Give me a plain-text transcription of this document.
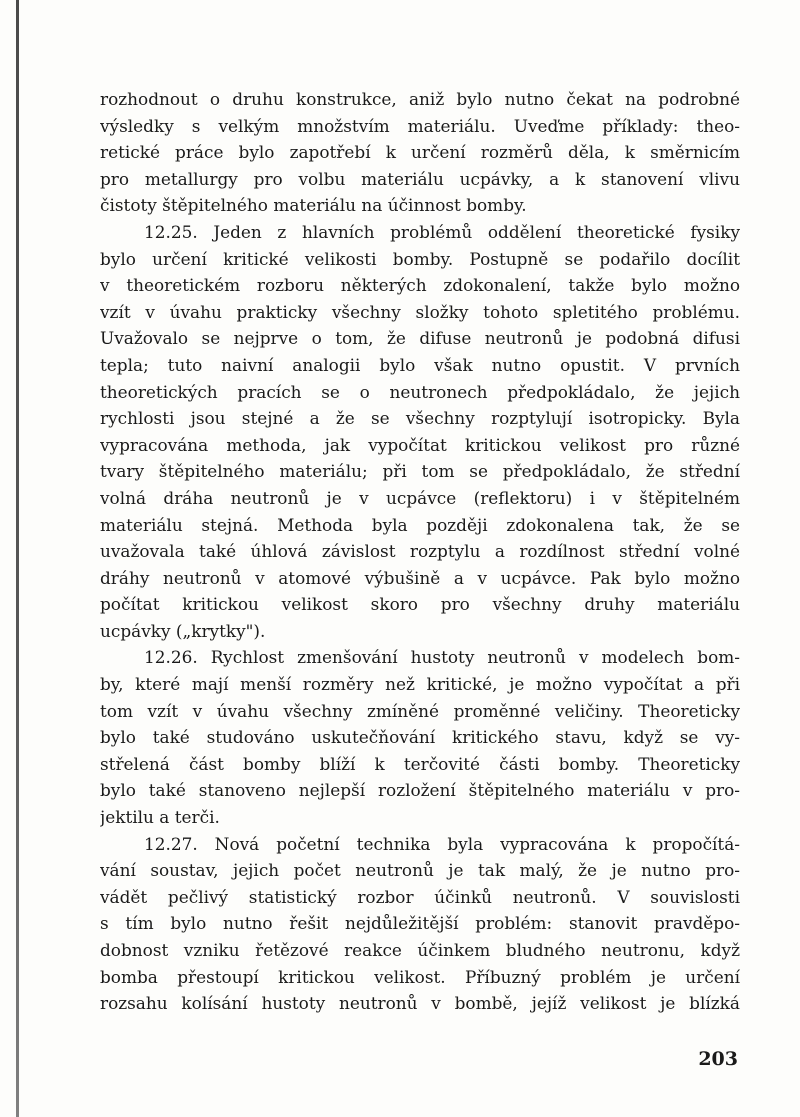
rozhodnout o druhu konstrukce, aniž bylo nutno čekat na podrobné
výsledky s velkým množstvím materiálu. Uveďme příklady: theo-
retické práce bylo zapotřebí k určení rozměrů děla, k směrnicím
pro metallurgy pro volbu materiálu ucpávky, a k stanovení vlivu
čistoty štěpitelného materiálu na účinnost bomby.
12.25. Jeden z hlavních problémů oddělení theoretické fysiky
bylo určení kritické velikosti bomby. Postupně se podařilo docílit
v theoretickém rozboru některých zdokonalení, takže bylo možno
vzít v úvahu prakticky všechny složky tohoto spletitého problému.
Uvažovalo se nejprve o tom, že difuse neutronů je podobná difusi
tepla; tuto naivní analogii bylo však nutno opustit. V prvních
theoretických pracích se o neutronech předpokládalo, že jejich
rychlosti jsou stejné a že se všechny rozptylují isotropicky. Byla
vypracována methoda, jak vypočítat kritickou velikost pro různé
tvary štěpitelného materiálu; při tom se předpokládalo, že střední
volná dráha neutronů je v ucpávce (reflektoru) i v štěpitelném
materiálu stejná. Methoda byla později zdokonalena tak, že se
uvažovala také úhlová závislost rozptylu a rozdílnost střední volné
dráhy neutronů v atomové výbušině a v ucpávce. Pak bylo možno
počítat kritickou velikost skoro pro všechny druhy materiálu
ucpávky („krytky").
12.26. Rychlost zmenšování hustoty neutronů v modelech bom-
by, které mají menší rozměry než kritické, je možno vypočítat a při
tom vzít v úvahu všechny zmíněné proměnné veličiny. Theoreticky
bylo také studováno uskutečňování kritického stavu, když se vy-
střelená část bomby blíží k terčovité části bomby. Theoreticky
bylo také stanoveno nejlepší rozložení štěpitelného materiálu v pro-
jektilu a terči.
12.27. Nová početní technika byla vypracována k propočítá-
vání soustav, jejich počet neutronů je tak malý, že je nutno pro-
vádět pečlivý statistický rozbor účinků neutronů. V souvislosti
s tím bylo nutno řešit nejdůležitější problém: stanovit pravděpo-
dobnost vzniku řetězové reakce účinkem bludného neutronu, když
bomba přestoupí kritickou velikost. Příbuzný problém je určení
rozsahu kolísání hustoty neutronů v bombě, jejíž velikost je blízká
203
